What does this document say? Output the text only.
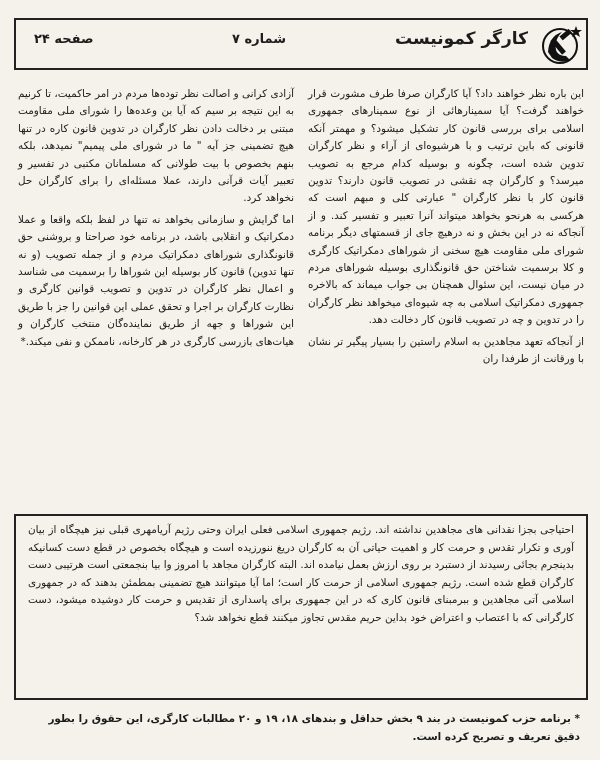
کارگر کمونیست
شماره ۷
صفحه ۲۴

این باره نظر خواهند داد؟ آیا کارگران صرفا طرف مشورت قرار خواهند گرفت؟ آیا سمینارهائی از نوع سمینارهای جمهوری اسلامی برای بررسی قانون کار تشکیل میشود؟ و مهمتر آنکه قانونی که باین ترتیب و با هرشیوه‌ای از آراء و نظر کارگران تدوین شده است، چگونه و بوسیله کدام مرجع به تصویب میرسد؟ و کارگران چه نقشی در تصویب قانون دارند؟ تدوین قانون کار با نظر کارگران " عبارتی کلی و مبهم است که هرکسی به هرنحو بخواهد میتواند آنرا تعبیر و تفسیر کند. و از آنجاکه نه در این بخش و نه درهیچ جای از قسمتهای دیگر برنامه شورای ملی مقاومت هیچ سخنی از شوراهای دمکراتیک کارگری و کلا برسمیت شناختن حق قانونگذاری بوسیله شوراهای مردم در میان نیست، این سئوال همچنان بی جواب میماند که بالاخره جمهوری دمکراتیک اسلامی به چه شیوه‌ای میخواهد نظر کارگران را در تدوین و چه در تصویب قانون کار دخالت دهد.

از آنجاکه تعهد مجاهدین به اسلام راستین را بسیار پیگیر تر نشان با ورقانت از طرفدا ران

آزادی کرانی و اصالت نظر توده‌ها مردم در امر حاکمیت، تا کرنیم به این نتیجه بر سیم که آیا بن وعده‌ها را شورای ملی مقاومت مبتنی بر دخالت دادن نظر کارگران در تدوین قانون کاره در تنها هیچ تضمینی جز آیه " ما در شورای ملی پیمیم" نمیدهد، بلکه بنهم بخصوص با بیت طولانی که مسلمانان مکتبی در تفسیر و تعبیر آیات قرآنی دارند، عملا مسئله‌ای را برای کارگران حل نخواهد کرد.

اما گرایش و سازمانی بخواهد نه تنها در لفظ بلکه واقعا و عملا دمکراتیک و انقلابی باشد، در برنامه خود صراحتا و بروشنی حق قانونگذاری شوراهای دمکراتیک مردم و از جمله تصویب (و نه تنها تدوین) قانون کار بوسیله این شوراها را برسمیت می شناسد و اعمال نظر کارگران در تدوین و تصویب قوانین کارگری و نظارت کارگران بر اجرا و تحقق عملی این قوانین را جز با طریق این شوراها و جهه از طریق نماینده‌گان منتخب کارگران و هیات‌های بازرسی کارگری در هر کارخانه، ناممکن و نفی میکند.*

احتیاجی بجزا نقدانی های مجاهدین نداشته اند. رژیم جمهوری اسلامی فعلی ایران وحتی رژیم آریامهری قبلی نیز هیچگاه از بیان آوری و تکرار تقدس و حرمت کار و اهمیت حیاتی آن به کارگران دریغ ننورزیده است و هیچگاه بخصوص در قطع دست کسانیکه بدینجرم بجائی رسیدند از دستبرد بر روی ارزش بعمل نیامده اند. البته کارگران مجاهد با امروز وا بیا بنجمعتی است هرتیبی دست کارگران قطع شده است. رژیم جمهوری اسلامی از حرمت کار است؛ اما آیا میتوانند هیچ تضمینی بمطمئن بدهند که در جمهوری اسلامی آتی مجاهدین و ببرمبنای قانون کاری که در این جمهوری برای پاسداری از تقدیس و حرمت کار دوشیده میشود، دست کارگرانی که با اعتصاب و اعتراض خود بداین حریم مقدس تجاوز میکنند قطع نخواهد شد؟

* برنامه حزب کمونیست در بند ۹ بخش حداقل و بندهای ۱۸، ۱۹ و ۲۰ مطالبات کارگری، این حقوق را بطور دقیق تعریف و تصریح کرده است.
